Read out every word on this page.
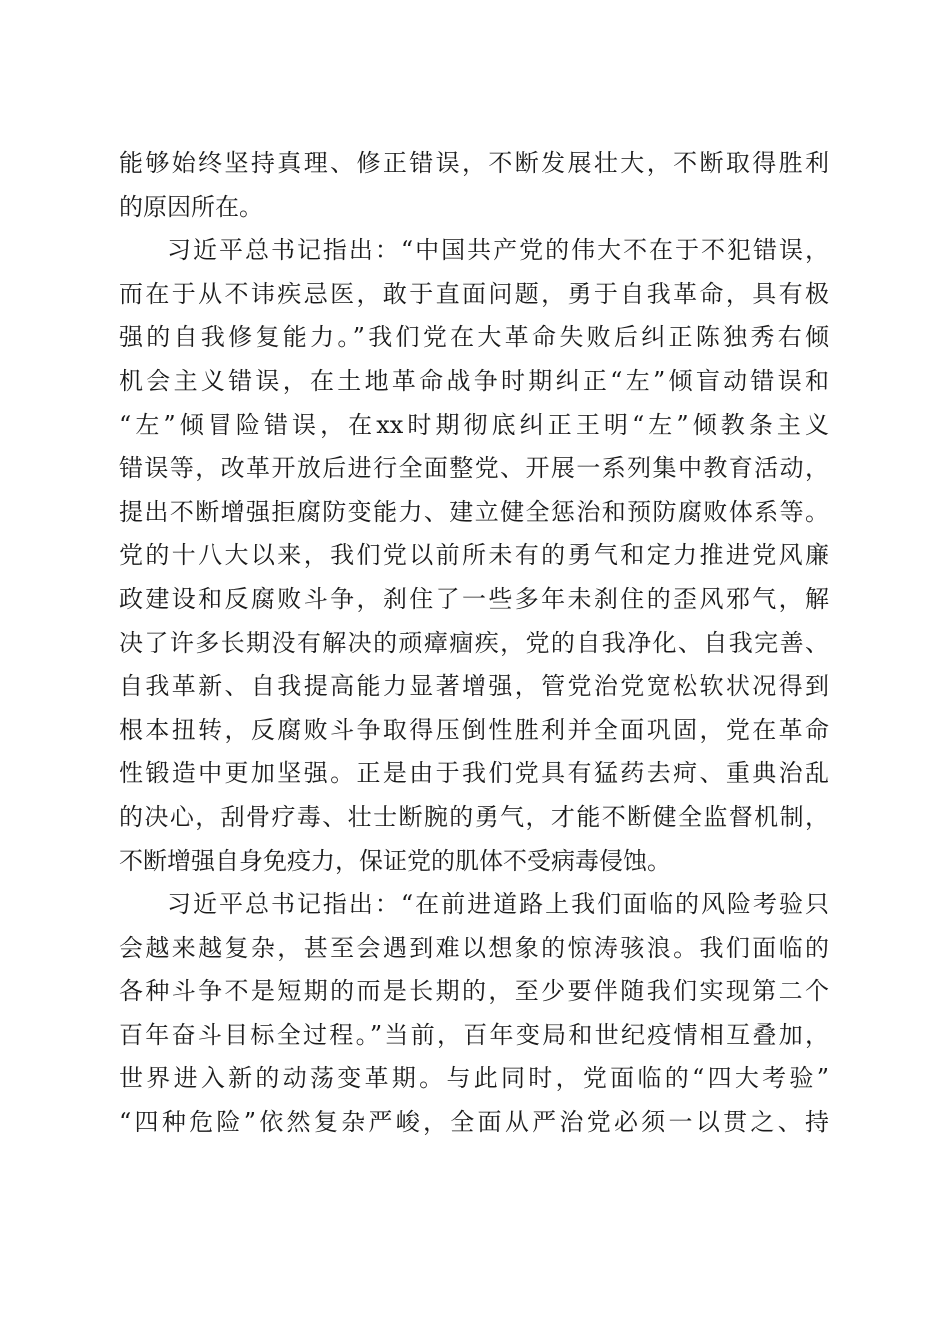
能够始终坚持真理、修正错误，不断发展壮大，不断取得胜利
的原因所在。
习近平总书记指出：“中国共产党的伟大不在于不犯错误，
而在于从不讳疾忌医，敢于直面问题，勇于自我革命，具有极
强的自我修复能力。”我们党在大革命失败后纠正陈独秀右倾
机会主义错误，在土地革命战争时期纠正“左”倾盲动错误和
“左”倾冒险错误，在xx时期彻底纠正王明“左”倾教条主义
错误等，改革开放后进行全面整党、开展一系列集中教育活动，
提出不断增强拒腐防变能力、建立健全惩治和预防腐败体系等。
党的十八大以来，我们党以前所未有的勇气和定力推进党风廉
政建设和反腐败斗争，刹住了一些多年未刹住的歪风邪气，解
决了许多长期没有解决的顽瘴痼疾，党的自我净化、自我完善、
自我革新、自我提高能力显著增强，管党治党宽松软状况得到
根本扭转，反腐败斗争取得压倒性胜利并全面巩固，党在革命
性锻造中更加坚强。正是由于我们党具有猛药去疴、重典治乱
的决心，刮骨疗毒、壮士断腕的勇气，才能不断健全监督机制，
不断增强自身免疫力，保证党的肌体不受病毒侵蚀。
习近平总书记指出：“在前进道路上我们面临的风险考验只
会越来越复杂，甚至会遇到难以想象的惊涛骇浪。我们面临的
各种斗争不是短期的而是长期的，至少要伴随我们实现第二个
百年奋斗目标全过程。”当前，百年变局和世纪疫情相互叠加，
世界进入新的动荡变革期。与此同时，党面临的“四大考验”
“四种危险”依然复杂严峻，全面从严治党必须一以贯之、持
